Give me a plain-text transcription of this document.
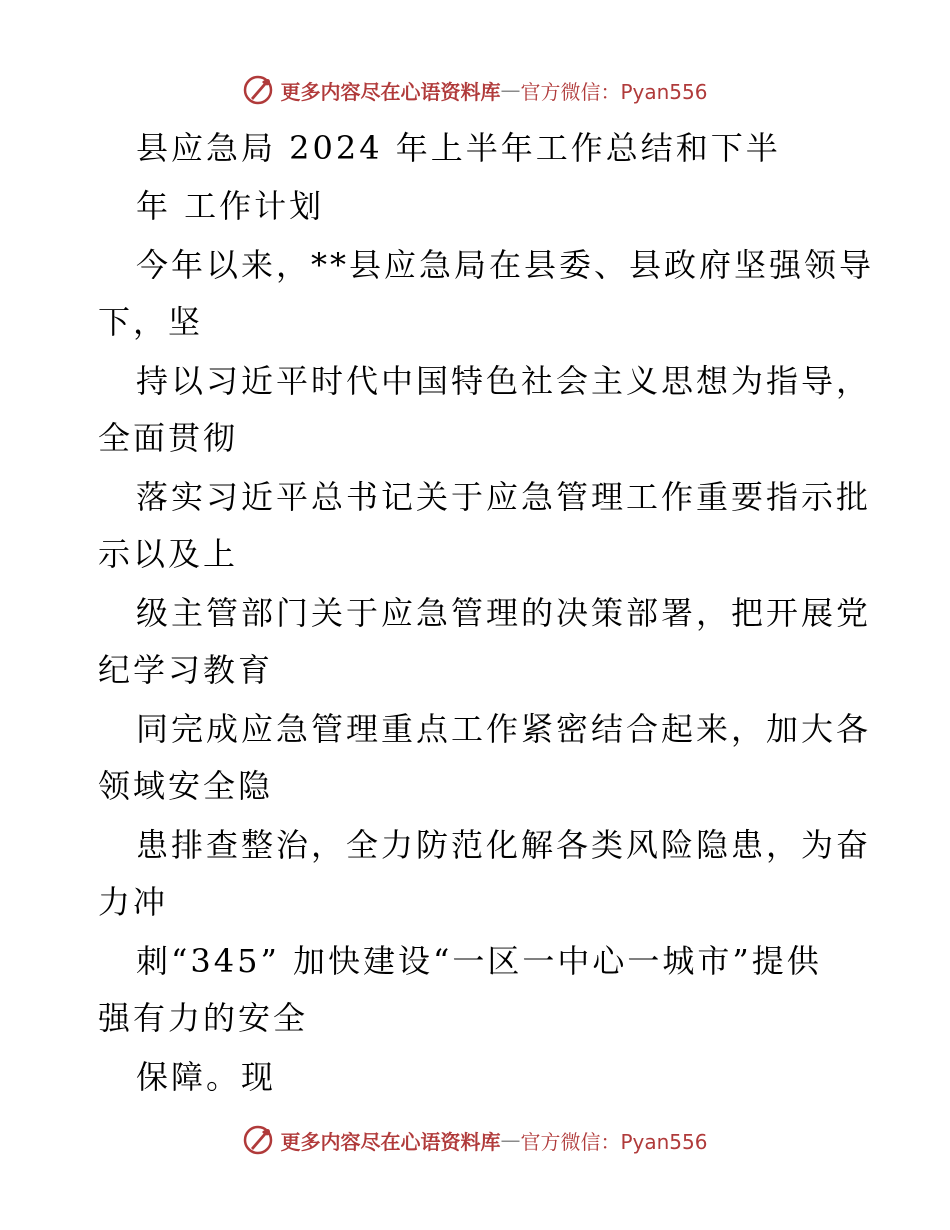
更多内容尽在心语资料库 — 官方微信：Pyan556
县应急局 2024 年上半年工作总结和下半
年 工作计划
今年以来，**县应急局在县委、县政府坚强领导
下，坚
持以习近平时代中国特色社会主义思想为指导，
全面贯彻
落实习近平总书记关于应急管理工作重要指示批
示以及上
级主管部门关于应急管理的决策部署，把开展党
纪学习教育
同完成应急管理重点工作紧密结合起来，加大各
领域安全隐
患排查整治，全力防范化解各类风险隐患，为奋
力冲
刺“345” 加快建设“一区一中心一城市”提供
强有力的安全
保障。现
更多内容尽在心语资料库 — 官方微信：Pyan556
